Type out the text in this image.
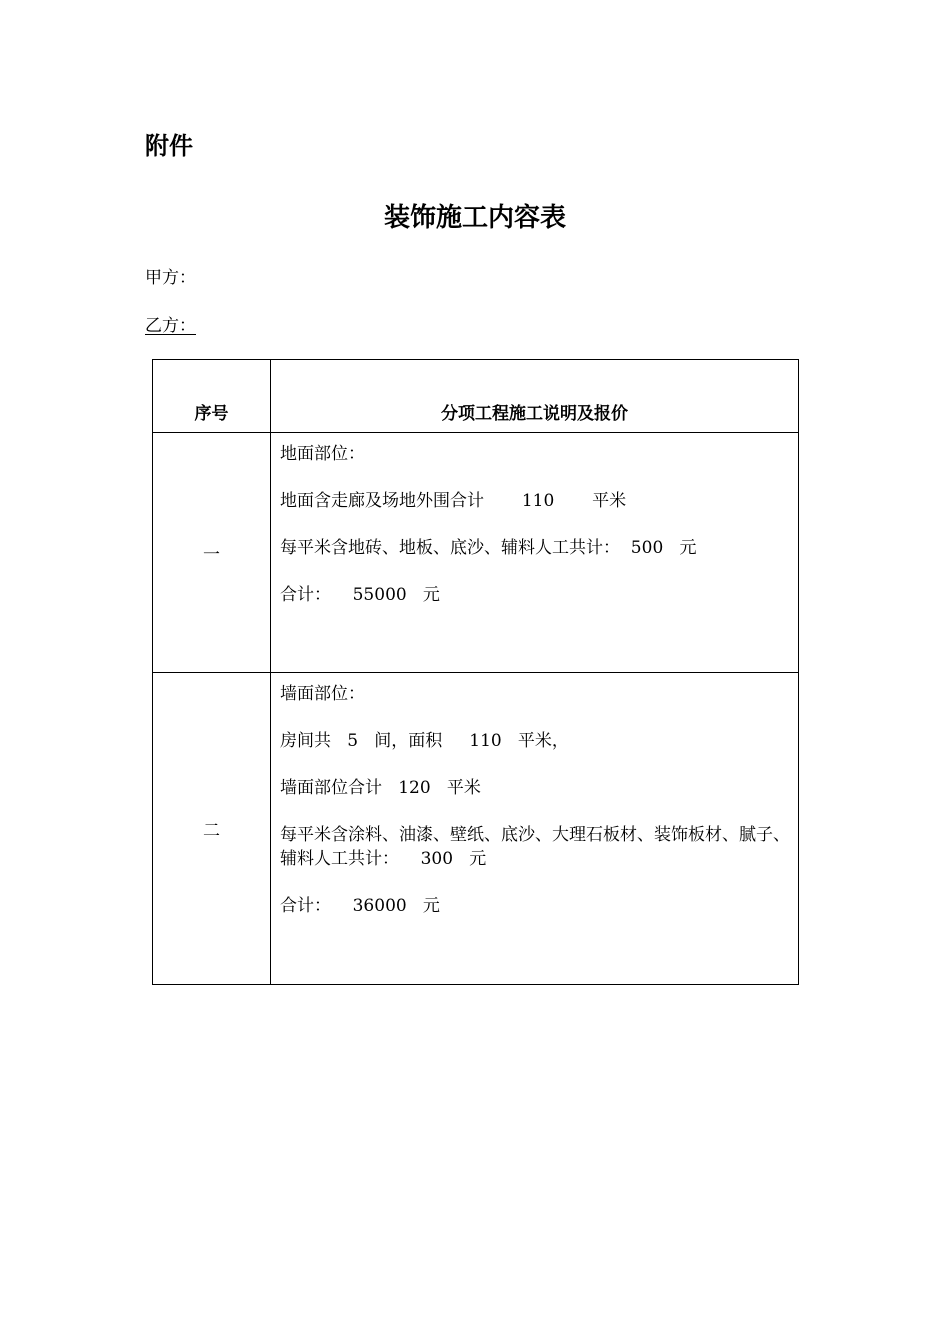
附件
装饰施工内容表
甲方：
乙方：
序号	分项工程施工说明及报价
一	地面部位：

地面含走廊及场地外围合计       110       平米

每平米含地砖、地板、底沙、辅料人工共计：  500   元

合计：    55000   元

二	墙面部位：

房间共   5   间，面积     110   平米，

墙面部位合计   120   平米

每平米含涂料、油漆、壁纸、底沙、大理石板材、装饰板材、腻子、辅料人工共计：    300   元

合计：    36000   元
